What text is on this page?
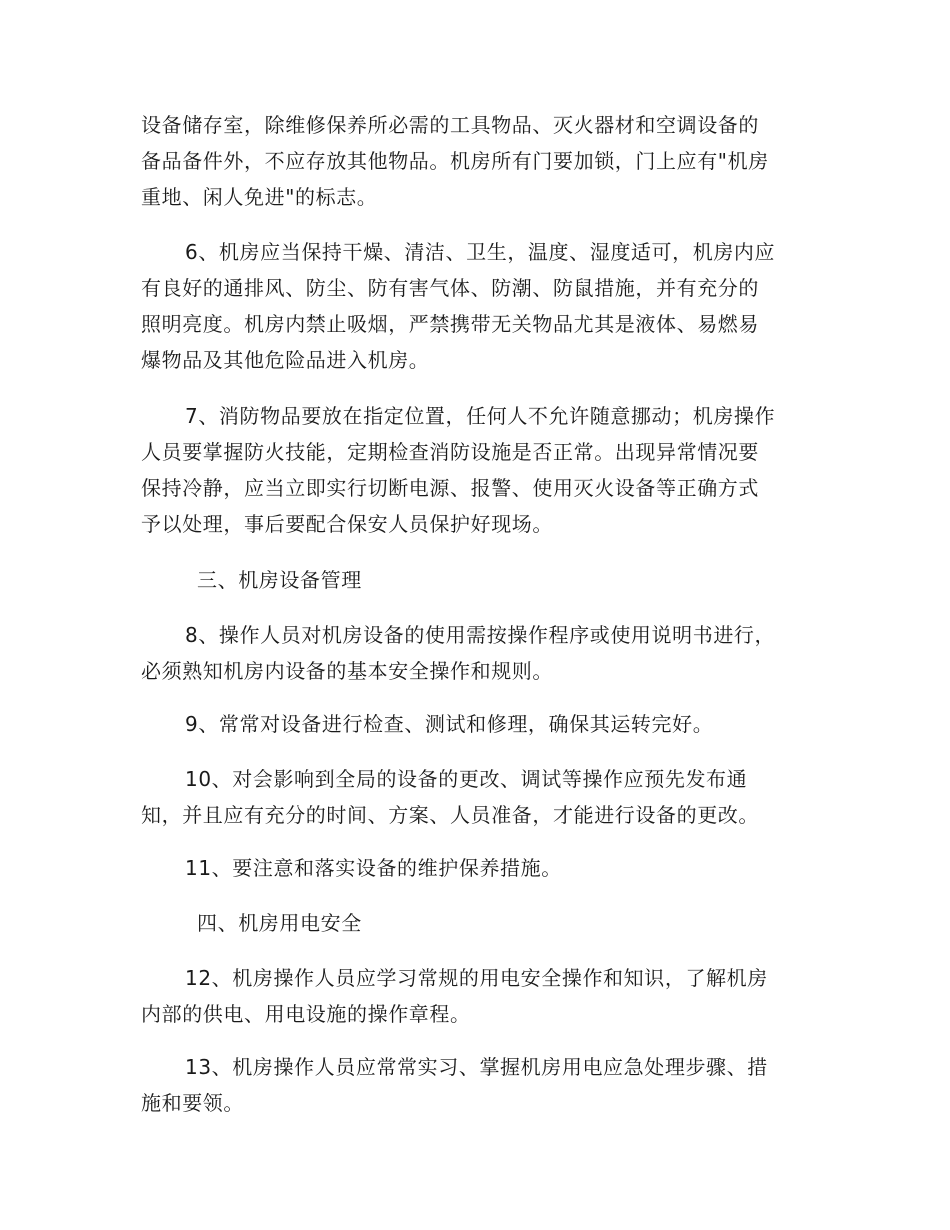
设备储存室，除维修保养所必需的工具物品、灭火器材和空调设备的
备品备件外，不应存放其他物品。机房所有门要加锁，门上应有"机房
重地、闲人免进"的标志。

6、机房应当保持干燥、清洁、卫生，温度、湿度适可，机房内应
有良好的通排风、防尘、防有害气体、防潮、防鼠措施，并有充分的
照明亮度。机房内禁止吸烟，严禁携带无关物品尤其是液体、易燃易
爆物品及其他危险品进入机房。

7、消防物品要放在指定位置，任何人不允许随意挪动；机房操作
人员要掌握防火技能，定期检查消防设施是否正常。出现异常情况要
保持冷静，应当立即实行切断电源、报警、使用灭火设备等正确方式
予以处理，事后要配合保安人员保护好现场。

三、机房设备管理

8、操作人员对机房设备的使用需按操作程序或使用说明书进行，
必须熟知机房内设备的基本安全操作和规则。

9、常常对设备进行检查、测试和修理，确保其运转完好。

10、对会影响到全局的设备的更改、调试等操作应预先发布通
知，并且应有充分的时间、方案、人员准备，才能进行设备的更改。

11、要注意和落实设备的维护保养措施。

四、机房用电安全

12、机房操作人员应学习常规的用电安全操作和知识，了解机房
内部的供电、用电设施的操作章程。

13、机房操作人员应常常实习、掌握机房用电应急处理步骤、措
施和要领。
